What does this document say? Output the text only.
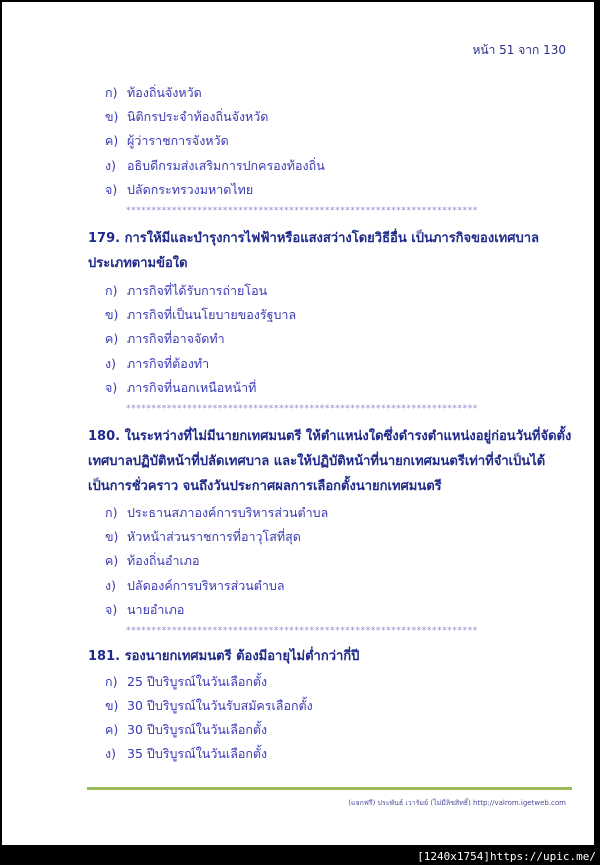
หน้า 51 จาก 130
ก) ท้องถิ่นจังหวัด
ข) นิติกรประจำท้องถิ่นจังหวัด
ค) ผู้ว่าราชการจังหวัด
ง) อธิบดีกรมส่งเสริมการปกครองท้องถิ่น
จ) ปลัดกระทรวงมหาดไทย
*********************************************************************
179. การให้มีและบำรุงการไฟฟ้าหรือแสงสว่างโดยวิธีอื่น เป็นภารกิจของเทศบาลประเภทตามข้อใด
ก) ภารกิจที่ได้รับการถ่ายโอน
ข) ภารกิจที่เป็นนโยบายของรัฐบาล
ค) ภารกิจที่อาจจัดทำ
ง) ภารกิจที่ต้องทำ
จ) ภารกิจที่นอกเหนือหน้าที่
*********************************************************************
180. ในระหว่างที่ไม่มีนายกเทศมนตรี ให้ตำแหน่งใดซึ่งดำรงตำแหน่งอยู่ก่อนวันที่จัดตั้งเทศบาลปฏิบัติหน้าที่ปลัดเทศบาล และให้ปฏิบัติหน้าที่นายกเทศมนตรีเท่าที่จำเป็นได้ เป็นการชั่วคราว จนถึงวันประกาศผลการเลือกตั้งนายกเทศมนตรี
ก) ประธานสภาองค์การบริหารส่วนตำบล
ข) หัวหน้าส่วนราชการที่อาวุโสที่สุด
ค) ท้องถิ่นอำเภอ
ง) ปลัดองค์การบริหารส่วนตำบล
จ) นายอำเภอ
*********************************************************************
181. รองนายกเทศมนตรี ต้องมีอายุไม่ต่ำกว่ากี่ปี
ก) 25 ปีบริบูรณ์ในวันเลือกตั้ง
ข) 30 ปีบริบูรณ์ในวันรับสมัครเลือกตั้ง
ค) 30 ปีบริบูรณ์ในวันเลือกตั้ง
ง) 35 ปีบริบูรณ์ในวันเลือกตั้ง
(แจกฟรี) ประพันธ์ เวารัมย์ (ไม่มีลิขสิทธิ์) http://valrom.igetweb.com
[1240x1754]https://upic.me/
